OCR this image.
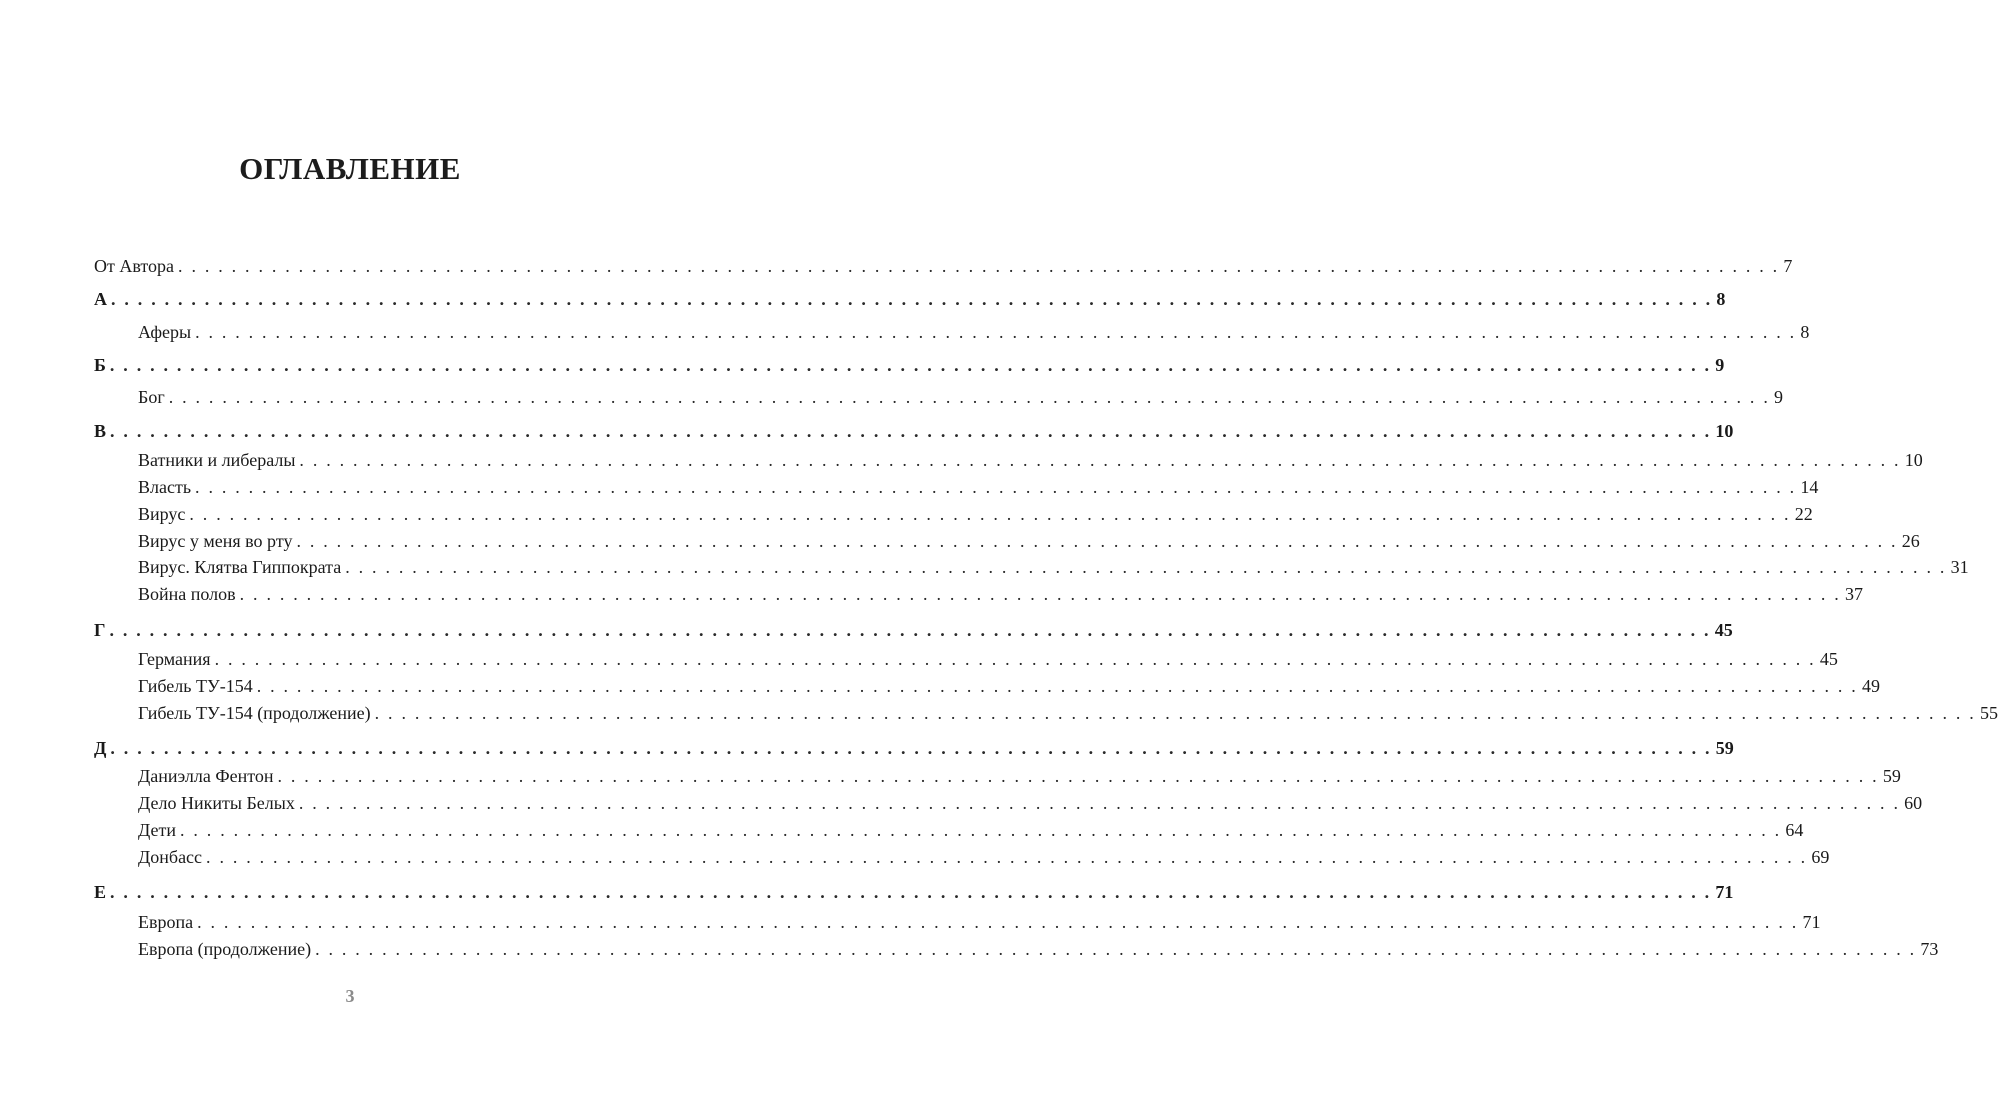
ОГЛАВЛЕНИЕ
От Автора . . . . . . . . . . . . . . . . . . . . . . . . . . . . . . . . . . . . . . . . . . . . . . . . . . . . . . . . . . . . . . . . . . . . . . . . . . . . . . . . . . . . . . . . . . . . . . . . . . . . . . . . . . . . . . . . . . . . . . . . 7
А . . . . . . . . . . . . . . . . . . . . . . . . . . . . . . . . . . . . . . . . . . . . . . . . . . . . . . . . . . . . . . . . . . . . . . . . . . . . . . . . . . . . . . . . . . . . . . . . . . . . . . . . . . . . . . . . . . . . . . . . 8
Аферы . . . . . . . . . . . . . . . . . . . . . . . . . . . . . . . . . . . . . . . . . . . . . . . . . . . . . . . . . . . . . . . . . . . . . . . . . . . . . . . . . . . . . . . . . . . . . . . . . . . . . . . . . . . . . . . . . . . . . . . . 8
Б . . . . . . . . . . . . . . . . . . . . . . . . . . . . . . . . . . . . . . . . . . . . . . . . . . . . . . . . . . . . . . . . . . . . . . . . . . . . . . . . . . . . . . . . . . . . . . . . . . . . . . . . . . . . . . . . . . . . . . . . 9
Бог . . . . . . . . . . . . . . . . . . . . . . . . . . . . . . . . . . . . . . . . . . . . . . . . . . . . . . . . . . . . . . . . . . . . . . . . . . . . . . . . . . . . . . . . . . . . . . . . . . . . . . . . . . . . . . . . . . . . . . . . 9
В . . . . . . . . . . . . . . . . . . . . . . . . . . . . . . . . . . . . . . . . . . . . . . . . . . . . . . . . . . . . . . . . . . . . . . . . . . . . . . . . . . . . . . . . . . . . . . . . . . . . . . . . . . . . . . . . . . . . . . . . 10
Ватники и либералы . . . . . . . . . . . . . . . . . . . . . . . . . . . . . . . . . . . . . . . . . . . . . . . . . . . . . . . . . . . . . . . . . . . . . . . . . . . . . . . . . . . . . . . . . . . . . . . . . . . . . . . . . . . . . . . . . . . . . . . . 10
Власть . . . . . . . . . . . . . . . . . . . . . . . . . . . . . . . . . . . . . . . . . . . . . . . . . . . . . . . . . . . . . . . . . . . . . . . . . . . . . . . . . . . . . . . . . . . . . . . . . . . . . . . . . . . . . . . . . . . . . . . . 14
Вирус . . . . . . . . . . . . . . . . . . . . . . . . . . . . . . . . . . . . . . . . . . . . . . . . . . . . . . . . . . . . . . . . . . . . . . . . . . . . . . . . . . . . . . . . . . . . . . . . . . . . . . . . . . . . . . . . . . . . . . . . 22
Вирус у меня во рту . . . . . . . . . . . . . . . . . . . . . . . . . . . . . . . . . . . . . . . . . . . . . . . . . . . . . . . . . . . . . . . . . . . . . . . . . . . . . . . . . . . . . . . . . . . . . . . . . . . . . . . . . . . . . . . . . . . . . . . . 26
Вирус. Клятва Гиппократа . . . . . . . . . . . . . . . . . . . . . . . . . . . . . . . . . . . . . . . . . . . . . . . . . . . . . . . . . . . . . . . . . . . . . . . . . . . . . . . . . . . . . . . . . . . . . . . . . . . . . . . . . . . . . . . . . . . . . . . . 31
Война полов . . . . . . . . . . . . . . . . . . . . . . . . . . . . . . . . . . . . . . . . . . . . . . . . . . . . . . . . . . . . . . . . . . . . . . . . . . . . . . . . . . . . . . . . . . . . . . . . . . . . . . . . . . . . . . . . . . . . . . . . 37
Г . . . . . . . . . . . . . . . . . . . . . . . . . . . . . . . . . . . . . . . . . . . . . . . . . . . . . . . . . . . . . . . . . . . . . . . . . . . . . . . . . . . . . . . . . . . . . . . . . . . . . . . . . . . . . . . . . . . . . . . . 45
Германия . . . . . . . . . . . . . . . . . . . . . . . . . . . . . . . . . . . . . . . . . . . . . . . . . . . . . . . . . . . . . . . . . . . . . . . . . . . . . . . . . . . . . . . . . . . . . . . . . . . . . . . . . . . . . . . . . . . . . . . . 45
Гибель ТУ-154 . . . . . . . . . . . . . . . . . . . . . . . . . . . . . . . . . . . . . . . . . . . . . . . . . . . . . . . . . . . . . . . . . . . . . . . . . . . . . . . . . . . . . . . . . . . . . . . . . . . . . . . . . . . . . . . . . . . . . . . . 49
Гибель ТУ-154 (продолжение) . . . . . . . . . . . . . . . . . . . . . . . . . . . . . . . . . . . . . . . . . . . . . . . . . . . . . . . . . . . . . . . . . . . . . . . . . . . . . . . . . . . . . . . . . . . . . . . . . . . . . . . . . . . . . . . . . . . . . . . . 55
Д . . . . . . . . . . . . . . . . . . . . . . . . . . . . . . . . . . . . . . . . . . . . . . . . . . . . . . . . . . . . . . . . . . . . . . . . . . . . . . . . . . . . . . . . . . . . . . . . . . . . . . . . . . . . . . . . . . . . . . . . 59
Даниэлла Фентон . . . . . . . . . . . . . . . . . . . . . . . . . . . . . . . . . . . . . . . . . . . . . . . . . . . . . . . . . . . . . . . . . . . . . . . . . . . . . . . . . . . . . . . . . . . . . . . . . . . . . . . . . . . . . . . . . . . . . . . . 59
Дело Никиты Белых . . . . . . . . . . . . . . . . . . . . . . . . . . . . . . . . . . . . . . . . . . . . . . . . . . . . . . . . . . . . . . . . . . . . . . . . . . . . . . . . . . . . . . . . . . . . . . . . . . . . . . . . . . . . . . . . . . . . . . . . 60
Дети . . . . . . . . . . . . . . . . . . . . . . . . . . . . . . . . . . . . . . . . . . . . . . . . . . . . . . . . . . . . . . . . . . . . . . . . . . . . . . . . . . . . . . . . . . . . . . . . . . . . . . . . . . . . . . . . . . . . . . . . 64
Донбасс . . . . . . . . . . . . . . . . . . . . . . . . . . . . . . . . . . . . . . . . . . . . . . . . . . . . . . . . . . . . . . . . . . . . . . . . . . . . . . . . . . . . . . . . . . . . . . . . . . . . . . . . . . . . . . . . . . . . . . . . 69
Е . . . . . . . . . . . . . . . . . . . . . . . . . . . . . . . . . . . . . . . . . . . . . . . . . . . . . . . . . . . . . . . . . . . . . . . . . . . . . . . . . . . . . . . . . . . . . . . . . . . . . . . . . . . . . . . . . . . . . . . . 71
Европа . . . . . . . . . . . . . . . . . . . . . . . . . . . . . . . . . . . . . . . . . . . . . . . . . . . . . . . . . . . . . . . . . . . . . . . . . . . . . . . . . . . . . . . . . . . . . . . . . . . . . . . . . . . . . . . . . . . . . . . . 71
Европа (продолжение) . . . . . . . . . . . . . . . . . . . . . . . . . . . . . . . . . . . . . . . . . . . . . . . . . . . . . . . . . . . . . . . . . . . . . . . . . . . . . . . . . . . . . . . . . . . . . . . . . . . . . . . . . . . . . . . . . . . . . . . . 73
3
